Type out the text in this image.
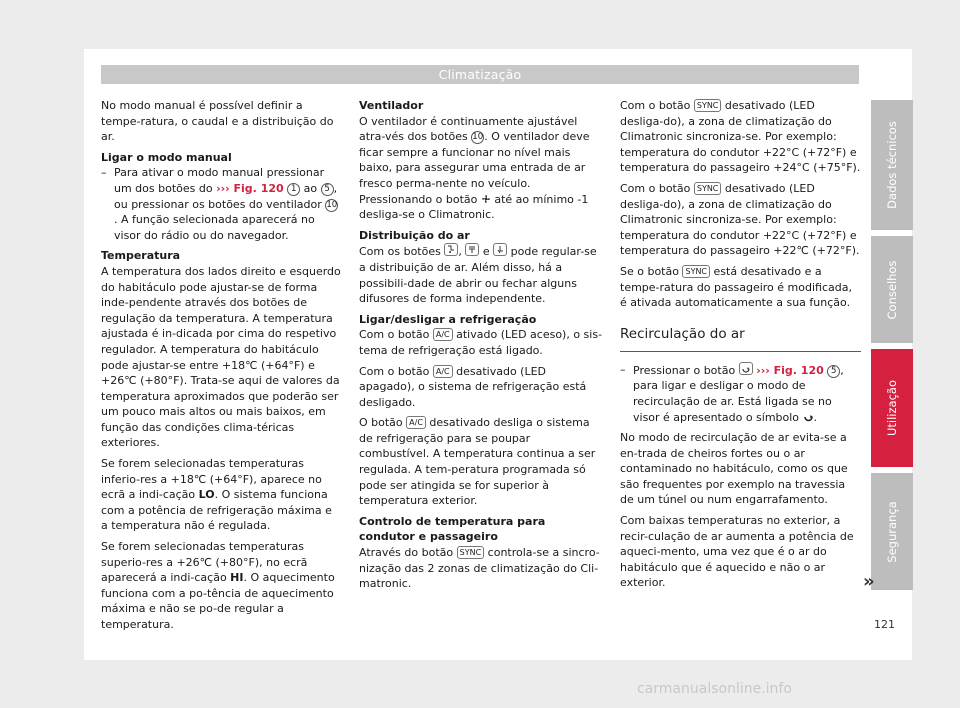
Climatização

No modo manual é possível definir a tempe-ratura, o caudal e a distribuição do ar.

Ligar o modo manual

– Para ativar o modo manual pressionar um dos botões do ››› Fig. 120 1 ao 5 , ou pressionar os botões do ventilador 10. A função selecionada aparecerá no visor do rádio ou do navegador.

Temperatura

A temperatura dos lados direito e esquerdo do habitáculo pode ajustar-se de forma inde-pendente através dos botões de regulação da temperatura. A temperatura ajustada é in-dicada por cima do respetivo regulador. A temperatura do habitáculo pode ajustar-se entre +18℃ (+64°F) e +26℃ (+80°F). Trata-se aqui de valores da temperatura aproximados que poderão ser um pouco mais altos ou mais baixos, em função das condições clima-téricas exteriores.

Se forem selecionadas temperaturas inferio-res a +18℃ (+64°F), aparece no ecrã a indi-cação LO. O sistema funciona com a potência de refrigeração máxima e a temperatura não é regulada.

Se forem selecionadas temperaturas superio-res a +26℃ (+80°F), no ecrã aparecerá a indi-cação HI. O aquecimento funciona com a po-tência de aquecimento máxima e não se po-de regular a temperatura.

Ventilador

O ventilador é continuamente ajustável atra-vés dos botões 10. O ventilador deve ficar sempre a funcionar no nível mais baixo, para assegurar uma entrada de ar fresco perma-nente no veículo. Pressionando o botão até ao mínimo -1 desliga-se o Climatronic.

Distribuição do ar

Com os botões ,
e pode regular-se a distribuição de ar. Além disso, há a possibili-dade de abrir ou fechar alguns difusores de forma independente.

Ligar/desligar a refrigeração

Com o botão A/C ativado (LED aceso), o sis-tema de refrigeração está ligado.

Com o botão A/C desativado (LED apagado), o sistema de refrigeração está desligado.

O botão A/C desativado desliga o sistema de refrigeração para se poupar combustível. A temperatura continua a ser regulada. A tem-peratura programada só pode ser atingida se for superior à temperatura exterior.

Controlo de temperatura para condutor e passageiro

Através do botão SYNC controla-se a sincro-nização das 2 zonas de climatização do Cli-matronic.

Com o botão SYNC desativado (LED desliga-do), a zona de climatização do Climatronic sincroniza-se. Por exemplo: temperatura do condutor +22°C (+72°F) e temperatura do passageiro +24°C (+75°F).

Com o botão SYNC desativado (LED desliga-do), a zona de climatização do Climatronic sincroniza-se. Por exemplo: temperatura do condutor +22°C (+72°F) e temperatura do passageiro +22℃ (+72°F).

Se o botão SYNC está desativado e a tempe-ratura do passageiro é modificada, é ativada automaticamente a sua função.

Recirculação do ar
– Pressionar o botão ››› Fig. 120 5 , para ligar e desligar o modo de recirculação de ar. Está ligada se no visor é apresentado o símbolo .

No modo de recirculação de ar evita-se a en-trada de cheiros fortes ou o ar contaminado no habitáculo, como os que são frequentes por exemplo na travessia de um túnel ou num engarrafamento.

Com baixas temperaturas no exterior, a recir-culação de ar aumenta a potência de aqueci-mento, uma vez que é o ar do habitáculo que é aquecido e não o ar exterior.

Dados técnicos
Conselhos
Utilização
Segurança
»
121
carmanualsonline.info
